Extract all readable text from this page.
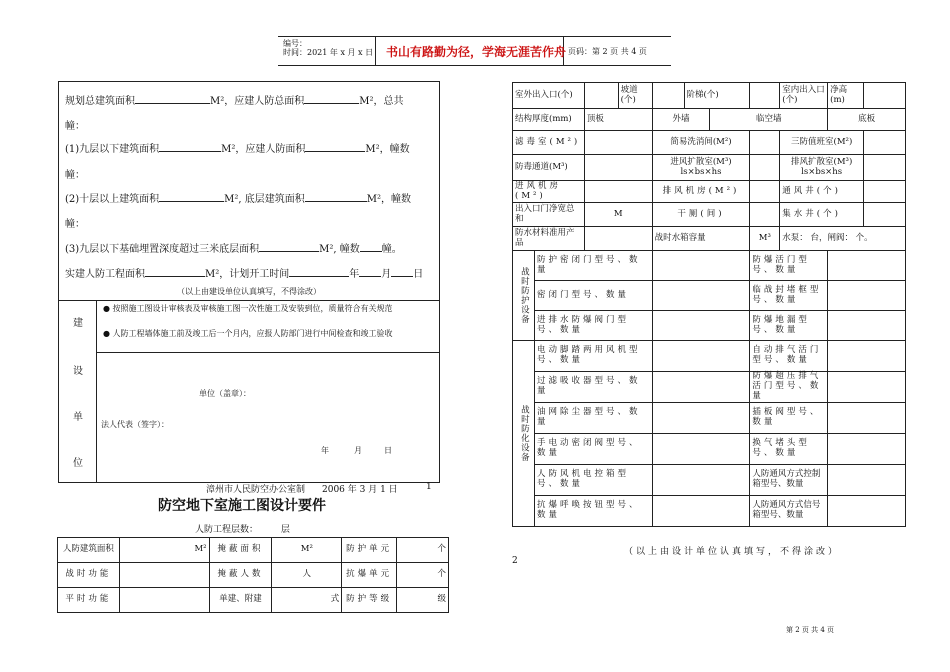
编号：
时间：2021 年 x 月 x 日 书山有路勤为径，学海无涯苦作舟 页码：第 2 页 共 4 页
规划总建筑面积	M²，应建人防总面积	M²，总共
幢：
(1)九层以下建筑面积	M²，应建人防面积	M²，幢数
幢：
(2)十层以上建筑面积	M², 底层建筑面积	M²，幢数
幢：
(3)九层以下基础埋置深度超过三米底层面积	M², 幢数 幢。
实建人防工程面积	M²，计划开工时间	年 月 日
（以上由建设单位认真填写，不得涂改）
建
设
单
位
● 按照施工图设计审核表及审核施工图一次性施工及安装到位，质量符合有关规范
● 人防工程墙体施工前及竣工后一个月内，应报人防部门进行中间检查和竣工验收
单位（盖章）：
法人代表（签字）：
年	月	日
漳州市人民防空办公室制 2006 年 3 月 1 日	1
防空地下室施工图设计要件
人防工程层数：        层
人防建筑面积	M²	掩蔽面积	M²	防护单元	个
战时功能		掩蔽人数	人	抗爆单元	个
平时功能		单建、附建	式	防护等级	级
室外出入口(个)			坡道(个)		阶梯(个)			室内出入口(个)	净高(m)	
结构厚度(mm)		顶板		外墙		临空墙			底板	
滤毒室(M²)				简易洗消间(M²)				三防值班室(M²)		
防毒通道(M³)				进风扩散室(M³) ls×bs×hs				排风扩散室(M³) ls×bs×hs		
进风机房(M²)				排风机房(M²)				通风井(个)		
出入口门净宽总和		M		干厕(间)				集水井(个)		
防水材料准用产品				战时水箱容量			M³	水泵： 台，闸阀： 个。		
战时防护设备	防护密闭门型号、数量						防爆活门型号、数量			
	密闭门型号、数量						临战封堵框型号、数量			
	进排水防爆阀门型号、数量						防爆地漏型号、数量			
战时防化设备	电动脚踏两用风机型号、数量						自动排气活门型号、数量			
	过滤吸收器型号、数量						防爆超压排气活门型号、数量			
	油网除尘器型号、数量						插板阀型号、数量			
	手电动密闭阀型号、数量						换气堵头型号、数量			
	人防风机电控箱型号、数量						人防通风方式控制箱型号、数量			
	抗爆呼唤按钮型号、数量						人防通风方式信号箱型号、数量			
（以上由设计单位认真填写，不得涂改）
2
第 2 页 共 4 页
